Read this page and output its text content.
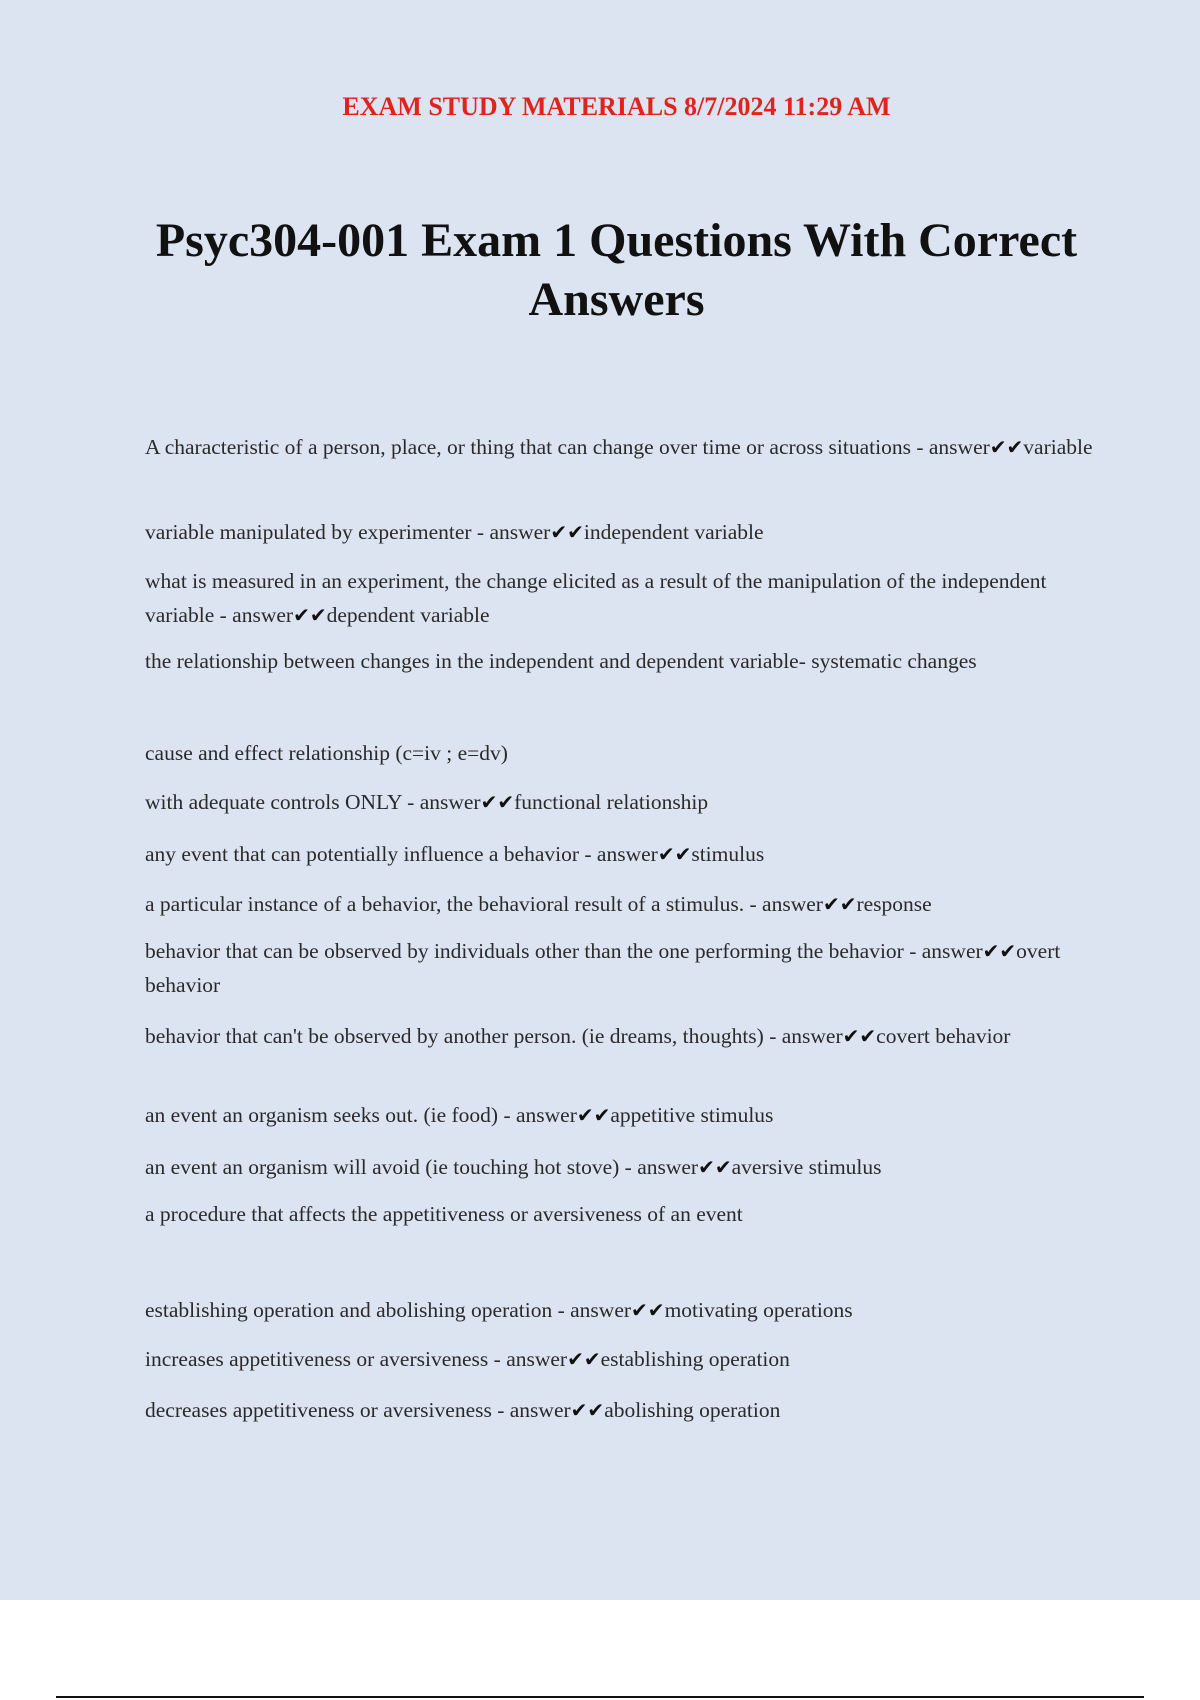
EXAM STUDY MATERIALS 8/7/2024 11:29 AM
Psyc304-001 Exam 1 Questions With Correct Answers
A characteristic of a person, place, or thing that can change over time or across situations - answer✔✔variable
variable manipulated by experimenter - answer✔✔independent variable
what is measured in an experiment, the change elicited as a result of the manipulation of the independent variable - answer✔✔dependent variable
the relationship between changes in the independent and dependent variable- systematic changes
cause and effect relationship (c=iv ; e=dv)
with adequate controls ONLY - answer✔✔functional relationship
any event that can potentially influence a behavior - answer✔✔stimulus
a particular instance of a behavior, the behavioral result of a stimulus. - answer✔✔response
behavior that can be observed by individuals other than the one performing the behavior - answer✔✔overt behavior
behavior that can't be observed by another person. (ie dreams, thoughts) - answer✔✔covert behavior
an event an organism seeks out. (ie food) - answer✔✔appetitive stimulus
an event an organism will avoid (ie touching hot stove) - answer✔✔aversive stimulus
a procedure that affects the appetitiveness or aversiveness of an event
establishing operation and abolishing operation - answer✔✔motivating operations
increases appetitiveness or aversiveness - answer✔✔establishing operation
decreases appetitiveness or aversiveness - answer✔✔abolishing operation
